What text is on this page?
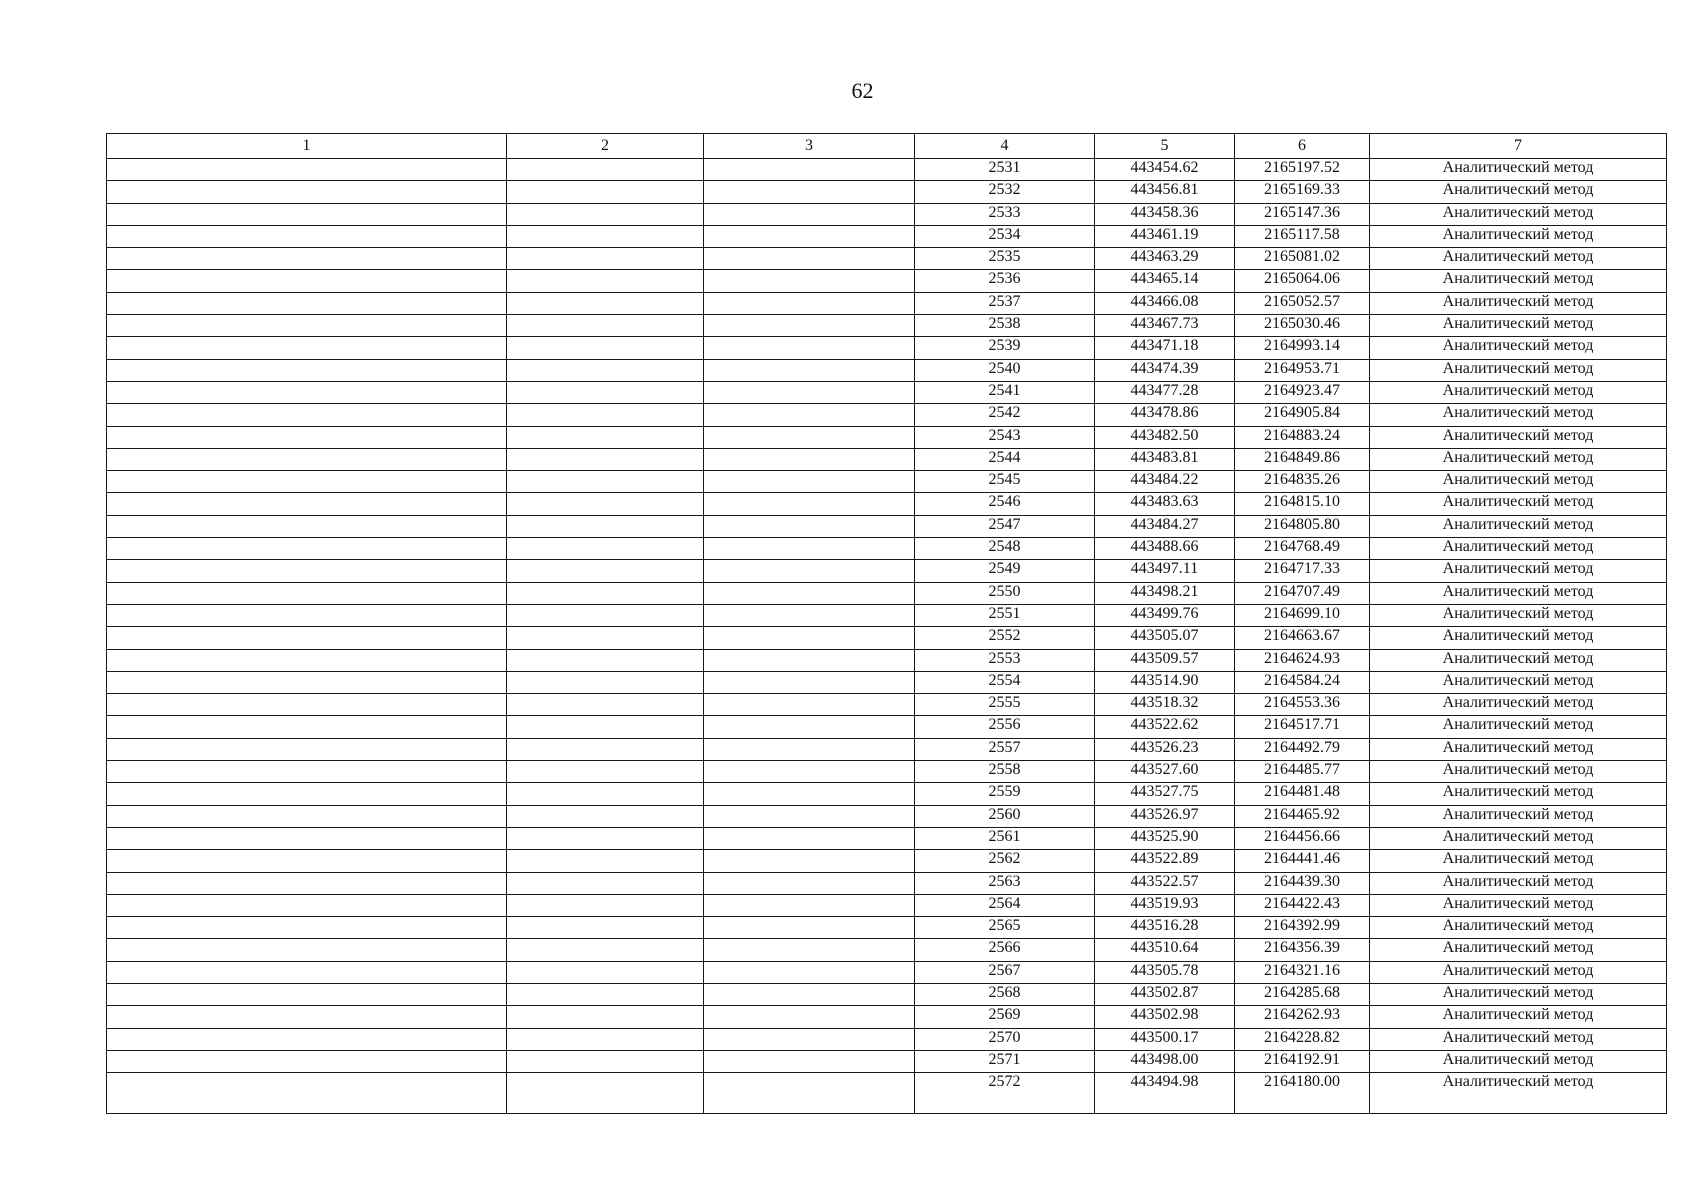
62
1	2	3	4	5	6	7
			2531	443454.62	2165197.52	Аналитический метод
			2532	443456.81	2165169.33	Аналитический метод
			2533	443458.36	2165147.36	Аналитический метод
			2534	443461.19	2165117.58	Аналитический метод
			2535	443463.29	2165081.02	Аналитический метод
			2536	443465.14	2165064.06	Аналитический метод
			2537	443466.08	2165052.57	Аналитический метод
			2538	443467.73	2165030.46	Аналитический метод
			2539	443471.18	2164993.14	Аналитический метод
			2540	443474.39	2164953.71	Аналитический метод
			2541	443477.28	2164923.47	Аналитический метод
			2542	443478.86	2164905.84	Аналитический метод
			2543	443482.50	2164883.24	Аналитический метод
			2544	443483.81	2164849.86	Аналитический метод
			2545	443484.22	2164835.26	Аналитический метод
			2546	443483.63	2164815.10	Аналитический метод
			2547	443484.27	2164805.80	Аналитический метод
			2548	443488.66	2164768.49	Аналитический метод
			2549	443497.11	2164717.33	Аналитический метод
			2550	443498.21	2164707.49	Аналитический метод
			2551	443499.76	2164699.10	Аналитический метод
			2552	443505.07	2164663.67	Аналитический метод
			2553	443509.57	2164624.93	Аналитический метод
			2554	443514.90	2164584.24	Аналитический метод
			2555	443518.32	2164553.36	Аналитический метод
			2556	443522.62	2164517.71	Аналитический метод
			2557	443526.23	2164492.79	Аналитический метод
			2558	443527.60	2164485.77	Аналитический метод
			2559	443527.75	2164481.48	Аналитический метод
			2560	443526.97	2164465.92	Аналитический метод
			2561	443525.90	2164456.66	Аналитический метод
			2562	443522.89	2164441.46	Аналитический метод
			2563	443522.57	2164439.30	Аналитический метод
			2564	443519.93	2164422.43	Аналитический метод
			2565	443516.28	2164392.99	Аналитический метод
			2566	443510.64	2164356.39	Аналитический метод
			2567	443505.78	2164321.16	Аналитический метод
			2568	443502.87	2164285.68	Аналитический метод
			2569	443502.98	2164262.93	Аналитический метод
			2570	443500.17	2164228.82	Аналитический метод
			2571	443498.00	2164192.91	Аналитический метод
			2572	443494.98	2164180.00	Аналитический метод
